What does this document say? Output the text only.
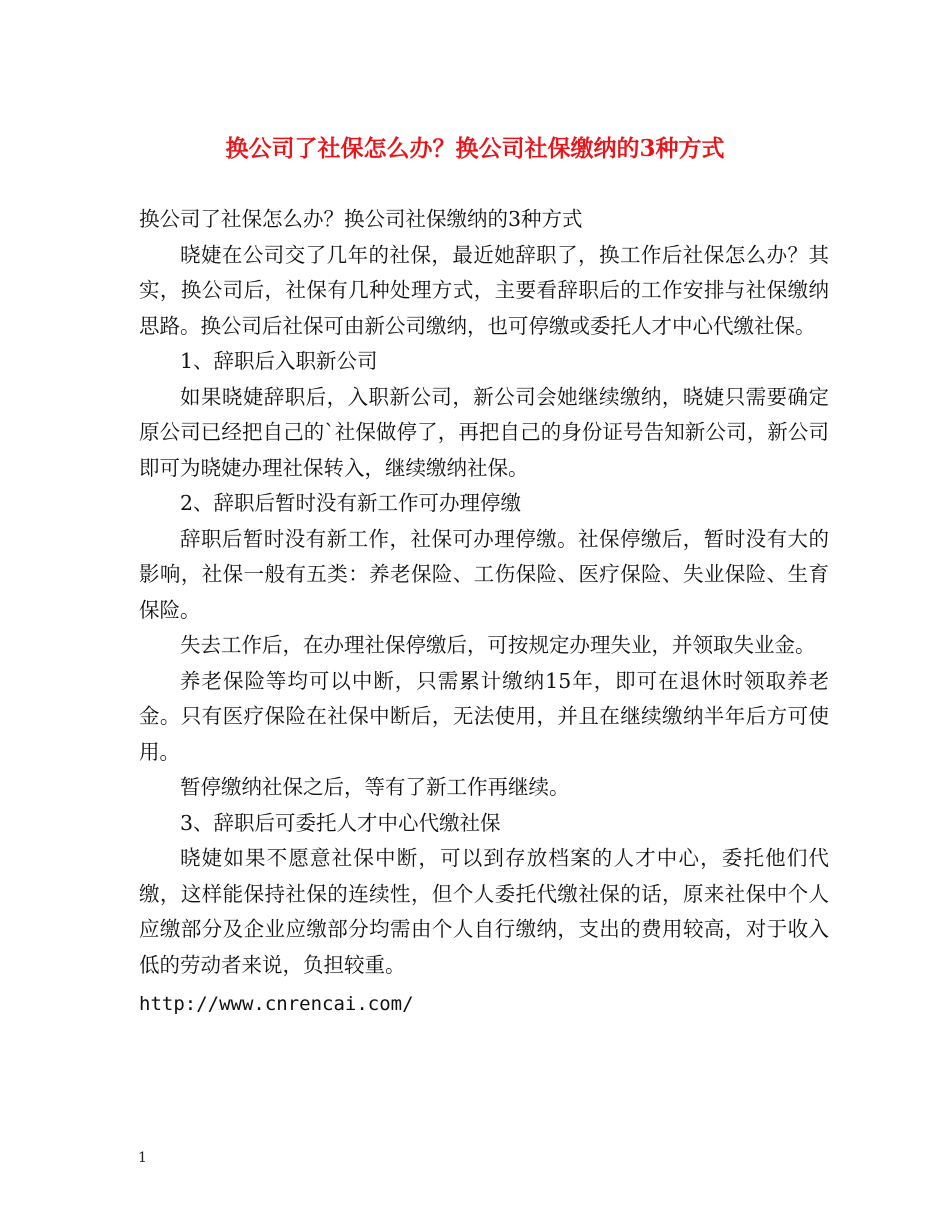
换公司了社保怎么办？换公司社保缴纳的3种方式

换公司了社保怎么办？换公司社保缴纳的3种方式

晓婕在公司交了几年的社保，最近她辞职了，换工作后社保怎么办？其实，换公司后，社保有几种处理方式，主要看辞职后的工作安排与社保缴纳思路。换公司后社保可由新公司缴纳，也可停缴或委托人才中心代缴社保。

1、辞职后入职新公司

如果晓婕辞职后，入职新公司，新公司会她继续缴纳，晓婕只需要确定原公司已经把自己的`社保做停了，再把自己的身份证号告知新公司，新公司即可为晓婕办理社保转入，继续缴纳社保。

2、辞职后暂时没有新工作可办理停缴

辞职后暂时没有新工作，社保可办理停缴。社保停缴后，暂时没有大的影响，社保一般有五类：养老保险、工伤保险、医疗保险、失业保险、生育保险。

失去工作后，在办理社保停缴后，可按规定办理失业，并领取失业金。

养老保险等均可以中断，只需累计缴纳15年，即可在退休时领取养老金。只有医疗保险在社保中断后，无法使用，并且在继续缴纳半年后方可使用。

暂停缴纳社保之后，等有了新工作再继续。

3、辞职后可委托人才中心代缴社保

晓婕如果不愿意社保中断，可以到存放档案的人才中心，委托他们代缴，这样能保持社保的连续性，但个人委托代缴社保的话，原来社保中个人应缴部分及企业应缴部分均需由个人自行缴纳，支出的费用较高，对于收入低的劳动者来说，负担较重。

http://www.cnrencai.com/

1
